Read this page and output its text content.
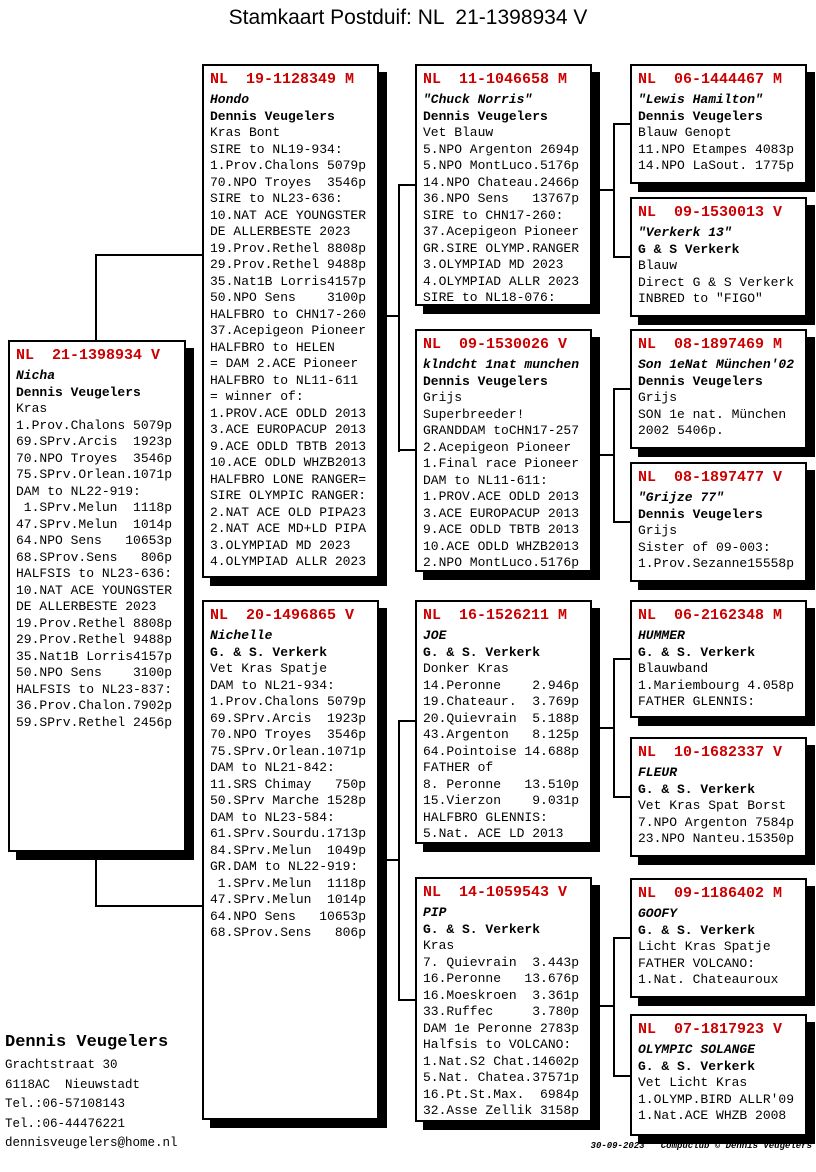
Stamkaart Postduif: NL  21-1398934 V
NL  21-1398934 V
Nicha
Dennis Veugelers
Kras
1.Prov.Chalons 5079p
69.SPrv.Arcis  1923p
70.NPO Troyes  3546p
75.SPrv.Orlean.1071p
DAM to NL22-919:
1.SPrv.Melun  1118p
47.SPrv.Melun  1014p
64.NPO Sens   10653p
68.SProv.Sens   806p
HALFSIS to NL23-636:
10.NAT ACE YOUNGSTER
DE ALLERBESTE 2023
19.Prov.Rethel 8808p
29.Prov.Rethel 9488p
35.Nat1B Lorris4157p
50.NPO Sens    3100p
HALFSIS to NL23-837:
36.Prov.Chalon.7902p
59.SPrv.Rethel 2456p
NL  19-1128349 M
Hondo
Dennis Veugelers
Kras Bont
SIRE to NL19-934:
1.Prov.Chalons 5079p
70.NPO Troyes  3546p
SIRE to NL23-636:
10.NAT ACE YOUNGSTER
DE ALLERBESTE 2023
19.Prov.Rethel 8808p
29.Prov.Rethel 9488p
35.Nat1B Lorris4157p
50.NPO Sens    3100p
HALFBRO to CHN17-260
37.Acepigeon Pioneer
HALFBRO to HELEN
= DAM 2.ACE Pioneer
HALFBRO to NL11-611
= winner of:
1.PROV.ACE ODLD 2013
3.ACE EUROPACUP 2013
9.ACE ODLD TBTB 2013
10.ACE ODLD WHZB2013
HALFBRO LONE RANGER=
SIRE OLYMPIC RANGER:
2.NAT ACE OLD PIPA23
2.NAT ACE MD+LD PIPA
3.OLYMPIAD MD 2023
4.OLYMPIAD ALLR 2023
NL  20-1496865 V
Nichelle
G. & S. Verkerk
Vet Kras Spatje
DAM to NL21-934:
1.Prov.Chalons 5079p
69.SPrv.Arcis  1923p
70.NPO Troyes  3546p
75.SPrv.Orlean.1071p
DAM to NL21-842:
11.SRS Chimay   750p
50.SPrv Marche 1528p
DAM to NL23-584:
61.SPrv.Sourdu.1713p
84.SPrv.Melun  1049p
GR.DAM to NL22-919:
1.SPrv.Melun  1118p
47.SPrv.Melun  1014p
64.NPO Sens   10653p
68.SProv.Sens   806p
NL  11-1046658 M
"Chuck Norris"
Dennis Veugelers
Vet Blauw
5.NPO Argenton 2694p
5.NPO MontLuco.5176p
14.NPO Chateau.2466p
36.NPO Sens   13767p
SIRE to CHN17-260:
37.Acepigeon Pioneer
GR.SIRE OLYMP.RANGER
3.OLYMPIAD MD 2023
4.OLYMPIAD ALLR 2023
SIRE to NL18-076:
NL  09-1530026 V
klndcht 1nat munchen
Dennis Veugelers
Grijs
Superbreeder!
GRANDDAM toCHN17-257
2.Acepigeon Pioneer
1.Final race Pioneer
DAM to NL11-611:
1.PROV.ACE ODLD 2013
3.ACE EUROPACUP 2013
9.ACE ODLD TBTB 2013
10.ACE ODLD WHZB2013
2.NPO MontLuco.5176p
NL  16-1526211 M
JOE
G. & S. Verkerk
Donker Kras
14.Peronne    2.946p
19.Chateaur.  3.769p
20.Quievrain  5.188p
43.Argenton   8.125p
64.Pointoise 14.688p
FATHER of
8. Peronne   13.510p
15.Vierzon    9.031p
HALFBRO GLENNIS:
5.Nat. ACE LD 2013
NL  14-1059543 V
PIP
G. & S. Verkerk
Kras
7. Quievrain  3.443p
16.Peronne   13.676p
16.Moeskroen  3.361p
33.Ruffec     3.780p
DAM 1e Peronne 2783p
Halfsis to VOLCANO:
1.Nat.S2 Chat.14602p
5.Nat. Chatea.37571p
16.Pt.St.Max.  6984p
32.Asse Zellik 3158p
NL  06-1444467 M
"Lewis Hamilton"
Dennis Veugelers
Blauw Genopt
11.NPO Etampes 4083p
14.NPO LaSout. 1775p
NL  09-1530013 V
"Verkerk 13"
G & S Verkerk
Blauw
Direct G & S Verkerk
INBRED to "FIGO"
NL  08-1897469 M
Son 1eNat München'02
Dennis Veugelers
Grijs
SON 1e nat. München
2002 5406p.
NL  08-1897477 V
"Grijze 77"
Dennis Veugelers
Grijs
Sister of 09-003:
1.Prov.Sezanne15558p
NL  06-2162348 M
HUMMER
G. & S. Verkerk
Blauwband
1.Mariembourg 4.058p
FATHER GLENNIS:
NL  10-1682337 V
FLEUR
G. & S. Verkerk
Vet Kras Spat Borst
7.NPO Argenton 7584p
23.NPO Nanteu.15350p
NL  09-1186402 M
GOOFY
G. & S. Verkerk
Licht Kras Spatje
FATHER VOLCANO:
1.Nat. Chateauroux
NL  07-1817923 V
OLYMPIC SOLANGE
G. & S. Verkerk
Vet Licht Kras
1.OLYMP.BIRD ALLR'09
1.Nat.ACE WHZB 2008
Dennis Veugelers
Grachtstraat 30
6118AC  Nieuwstadt
Tel.:06-57108143
Tel.:06-44476221
dennisveugelers@home.nl	30-09-2023 Compuclub © Dennis Veugelers
